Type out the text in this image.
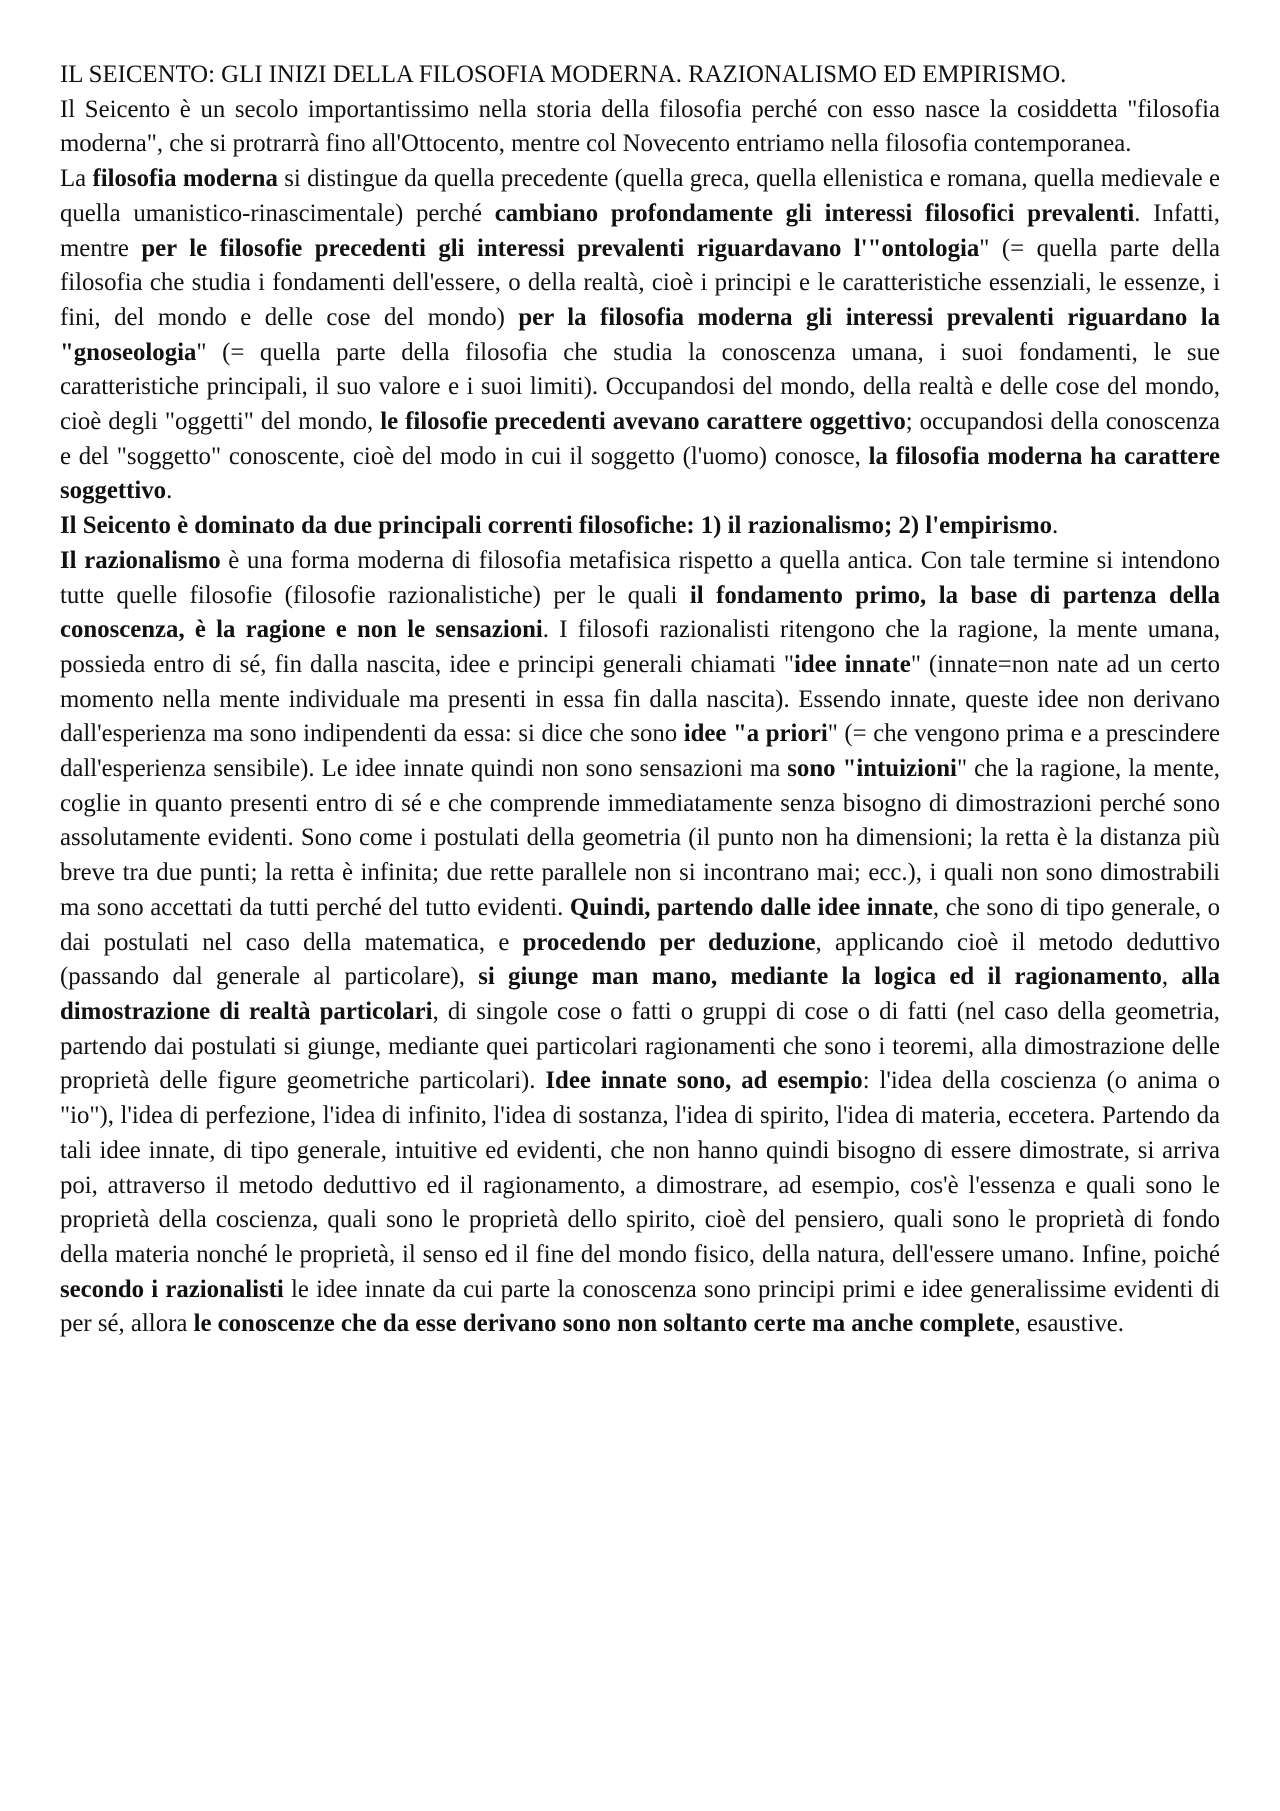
IL SEICENTO: GLI INIZI DELLA FILOSOFIA MODERNA. RAZIONALISMO ED EMPIRISMO.

Il Seicento è un secolo importantissimo nella storia della filosofia perché con esso nasce la cosiddetta "filosofia moderna", che si protrarrà fino all'Ottocento, mentre col Novecento entriamo nella filosofia contemporanea.

La filosofia moderna si distingue da quella precedente (quella greca, quella ellenistica e romana, quella medievale e quella umanistico-rinascimentale) perché cambiano profondamente gli interessi filosofici prevalenti. Infatti, mentre per le filosofie precedenti gli interessi prevalenti riguardavano l'"ontologia" (= quella parte della filosofia che studia i fondamenti dell'essere, o della realtà, cioè i principi e le caratteristiche essenziali, le essenze, i fini, del mondo e delle cose del mondo) per la filosofia moderna gli interessi prevalenti riguardano la "gnoseologia" (= quella parte della filosofia che studia la conoscenza umana, i suoi fondamenti, le sue caratteristiche principali, il suo valore e i suoi limiti). Occupandosi del mondo, della realtà e delle cose del mondo, cioè degli "oggetti" del mondo, le filosofie precedenti avevano carattere oggettivo; occupandosi della conoscenza e del "soggetto" conoscente, cioè del modo in cui il soggetto (l'uomo) conosce, la filosofia moderna ha carattere soggettivo.

Il Seicento è dominato da due principali correnti filosofiche: 1) il razionalismo; 2) l'empirismo.

Il razionalismo è una forma moderna di filosofia metafisica rispetto a quella antica. Con tale termine si intendono tutte quelle filosofie (filosofie razionalistiche) per le quali il fondamento primo, la base di partenza della conoscenza, è la ragione e non le sensazioni. I filosofi razionalisti ritengono che la ragione, la mente umana, possieda entro di sé, fin dalla nascita, idee e principi generali chiamati "idee innate" (innate=non nate ad un certo momento nella mente individuale ma presenti in essa fin dalla nascita). Essendo innate, queste idee non derivano dall'esperienza ma sono indipendenti da essa: si dice che sono idee "a priori" (= che vengono prima e a prescindere dall'esperienza sensibile). Le idee innate quindi non sono sensazioni ma sono "intuizioni" che la ragione, la mente, coglie in quanto presenti entro di sé e che comprende immediatamente senza bisogno di dimostrazioni perché sono assolutamente evidenti. Sono come i postulati della geometria (il punto non ha dimensioni; la retta è la distanza più breve tra due punti; la retta è infinita; due rette parallele non si incontrano mai; ecc.), i quali non sono dimostrabili ma sono accettati da tutti perché del tutto evidenti. Quindi, partendo dalle idee innate, che sono di tipo generale, o dai postulati nel caso della matematica, e procedendo per deduzione, applicando cioè il metodo deduttivo (passando dal generale al particolare), si giunge man mano, mediante la logica ed il ragionamento, alla dimostrazione di realtà particolari, di singole cose o fatti o gruppi di cose o di fatti (nel caso della geometria, partendo dai postulati si giunge, mediante quei particolari ragionamenti che sono i teoremi, alla dimostrazione delle proprietà delle figure geometriche particolari). Idee innate sono, ad esempio: l'idea della coscienza (o anima o "io"), l'idea di perfezione, l'idea di infinito, l'idea di sostanza, l'idea di spirito, l'idea di materia, eccetera. Partendo da tali idee innate, di tipo generale, intuitive ed evidenti, che non hanno quindi bisogno di essere dimostrate, si arriva poi, attraverso il metodo deduttivo ed il ragionamento, a dimostrare, ad esempio, cos'è l'essenza e quali sono le proprietà della coscienza, quali sono le proprietà dello spirito, cioè del pensiero, quali sono le proprietà di fondo della materia nonché le proprietà, il senso ed il fine del mondo fisico, della natura, dell'essere umano. Infine, poiché secondo i razionalisti le idee innate da cui parte la conoscenza sono principi primi e idee generalissime evidenti di per sé, allora le conoscenze che da esse derivano sono non soltanto certe ma anche complete, esaustive.
